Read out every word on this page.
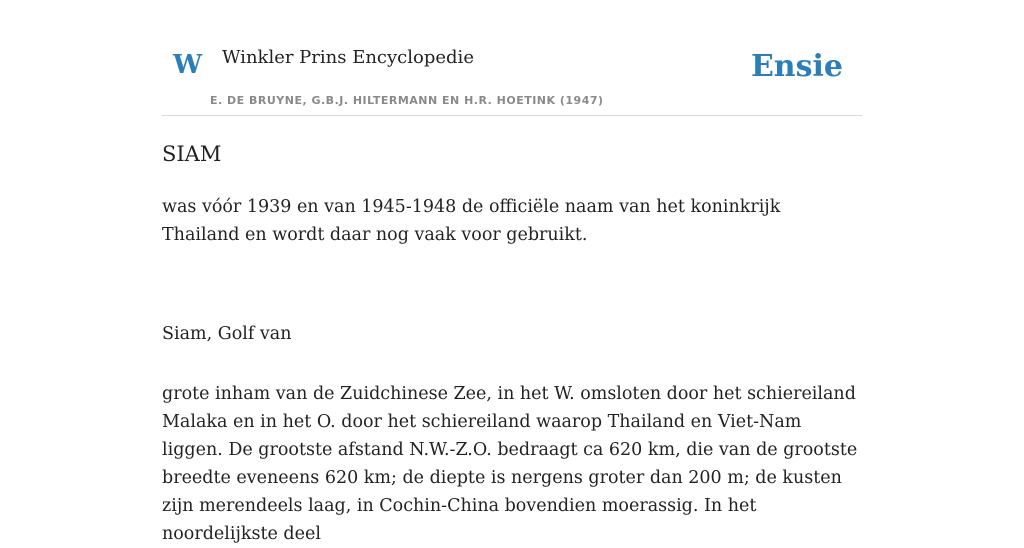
W Winkler Prins Encyclopedie
E. DE BRUYNE, G.B.J. HILTERMANN EN H.R. HOETINK (1947)
Ensie
SIAM

was vóór 1939 en van 1945-1948 de officiële naam van het koninkrijk Thailand en wordt daar nog vaak voor gebruikt.

Siam, Golf van

grote inham van de Zuidchinese Zee, in het W. omsloten door het schiereiland Malaka en in het O. door het schiereiland waarop Thailand en Viet-Nam liggen. De grootste afstand N.W.-Z.O. bedraagt ca 620 km, die van de grootste breedte eveneens 620 km; de diepte is nergens groter dan 200 m; de kusten zijn merendeels laag, in Cochin-China bovendien moerassig. In het noordelijkste deel
